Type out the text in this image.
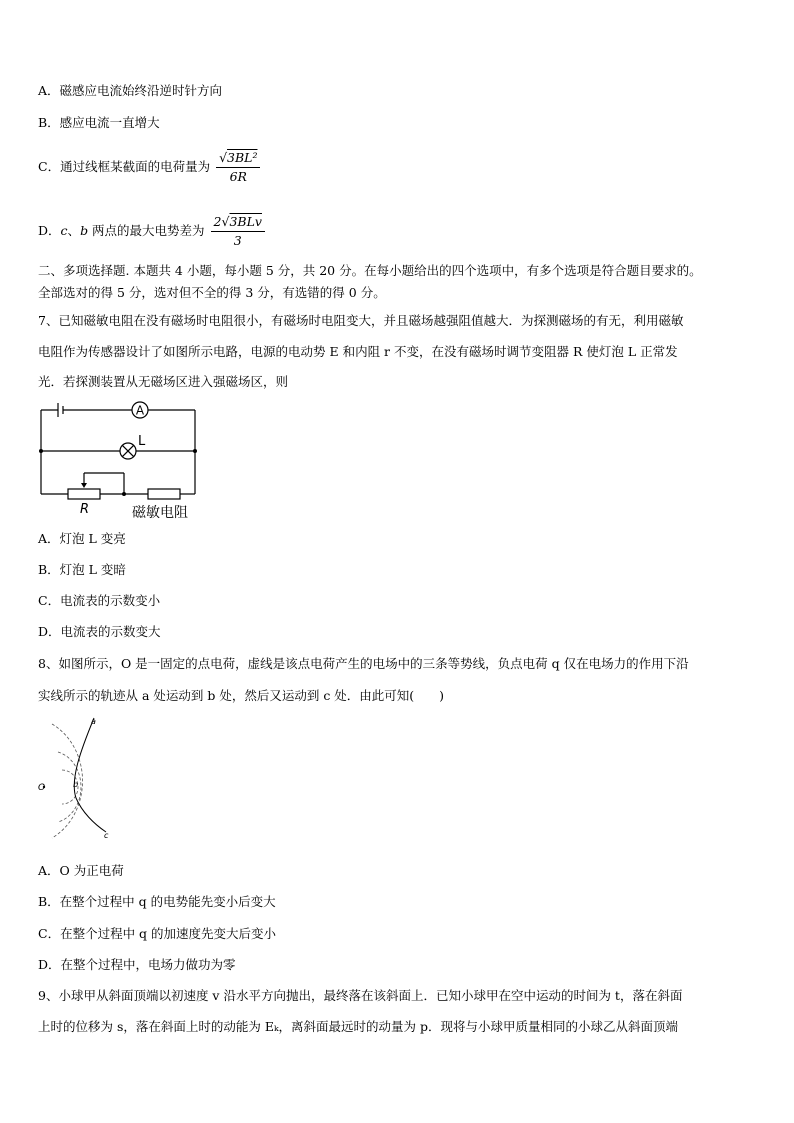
A．磁感应电流始终沿逆时针方向
B．感应电流一直增大
C．通过线框某截面的电荷量为 $\frac{\text{√3BL²}}{6R}$
D．c、b 两点的最大电势差为 $\frac{\text{2√3BLv}}{3}$
二、多项选择题. 本题共 4 小题，每小题 5 分，共 20 分。在每小题给出的四个选项中，有多个选项是符合题目要求的。
全部选对的得 5 分，选对但不全的得 3 分，有选错的得 0 分。
7、已知磁敏电阻在没有磁场时电阻很小，有磁场时电阻变大，并且磁场越强阻值越大．为探测磁场的有无，利用磁敏
电阻作为传感器设计了如图所示电路，电源的电动势 E 和内阻 r 不变，在没有磁场时调节变阻器 R 使灯泡 L 正常发
光．若探测装置从无磁场区进入强磁场区，则
A
L
R	磁敏电阻
A．灯泡 L 变亮
B．灯泡 L 变暗
C．电流表的示数变小
D．电流表的示数变大
8、如图所示，O 是一固定的点电荷，虚线是该点电荷产生的电场中的三条等势线，负点电荷 q 仅在电场力的作用下沿
实线所示的轨迹从 a 处运动到 b 处，然后又运动到 c 处．由此可知(　　)
O
a
b
c
A．O 为正电荷
B．在整个过程中 q 的电势能先变小后变大
C．在整个过程中 q 的加速度先变大后变小
D．在整个过程中，电场力做功为零
9、小球甲从斜面顶端以初速度 v 沿水平方向抛出，最终落在该斜面上．已知小球甲在空中运动的时间为 t，落在斜面
上时的位移为 s，落在斜面上时的动能为 Eₖ，离斜面最远时的动量为 p．现将与小球甲质量相同的小球乙从斜面顶端
